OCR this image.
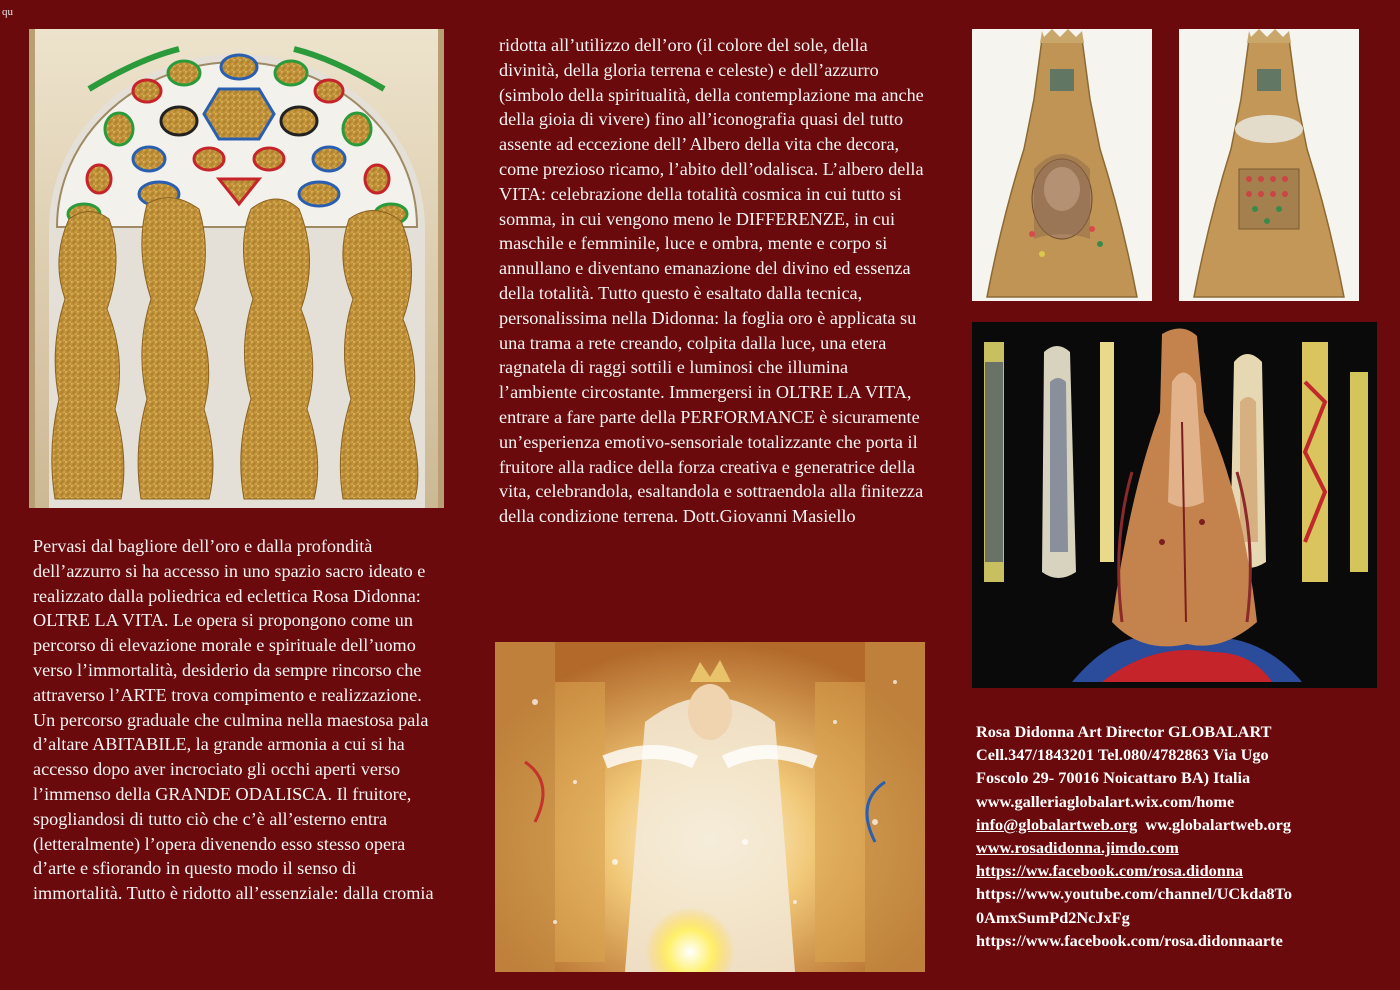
qu

Pervasi dal bagliore dell’oro e dalla profondità dell’azzurro si ha accesso in uno spazio sacro ideato e realizzato dalla poliedrica ed eclettica Rosa Didonna: OLTRE LA VITA. Le opera si propongono come un percorso di elevazione morale e spirituale dell’uomo verso l’immortalità, desiderio da sempre rincorso che attraverso l’ARTE trova compimento e realizzazione. Un percorso graduale che culmina nella maestosa pala d’altare ABITABILE, la grande armonia a cui si ha accesso dopo aver incrociato gli occhi aperti verso l’immenso della GRANDE ODALISCA. Il fruitore, spogliandosi di tutto ciò che c’è all’esterno entra (letteralmente) l’opera divenendo esso stesso opera d’arte e sfiorando in questo modo il senso di immortalità. Tutto è ridotto all’essenziale: dalla cromia

ridotta all’utilizzo dell’oro (il colore del sole, della divinità, della gloria terrena e celeste) e dell’azzurro (simbolo della spiritualità, della contemplazione ma anche della gioia di vivere) fino all’iconografia quasi del tutto assente ad eccezione dell’ Albero della vita che decora, come prezioso ricamo, l’abito dell’odalisca. L’albero della VITA: celebrazione della totalità cosmica in cui tutto si somma, in cui vengono meno le DIFFERENZE, in cui maschile e femminile, luce e ombra, mente e corpo si annullano e diventano emanazione del divino ed essenza della totalità. Tutto questo è esaltato dalla tecnica, personalissima nella Didonna: la foglia oro è applicata su una trama a rete creando, colpita dalla luce, una etera ragnatela di raggi sottili e luminosi che illumina l’ambiente circostante. Immergersi in OLTRE LA VITA, entrare a fare parte della PERFORMANCE è sicuramente un’esperienza emotivo-sensoriale totalizzante che porta il fruitore alla radice della forza creativa e generatrice della vita, celebrandola, esaltandola e sottraendola alla finitezza della condizione terrena. Dott.Giovanni Masiello

Rosa Didonna Art Director GLOBALART
Cell.347/1843201 Tel.080/4782863 Via Ugo
Foscolo 29- 70016 Noicattaro BA) Italia
www.galleriaglobalart.wix.com/home
info@globalartweb.org ww.globalartweb.org
www.rosadidonna.jimdo.com
https://ww.facebook.com/rosa.didonna
https://www.youtube.com/channel/UCkda8To
0AmxSumPd2NcJxFg
https://www.facebook.com/rosa.didonnaarte
